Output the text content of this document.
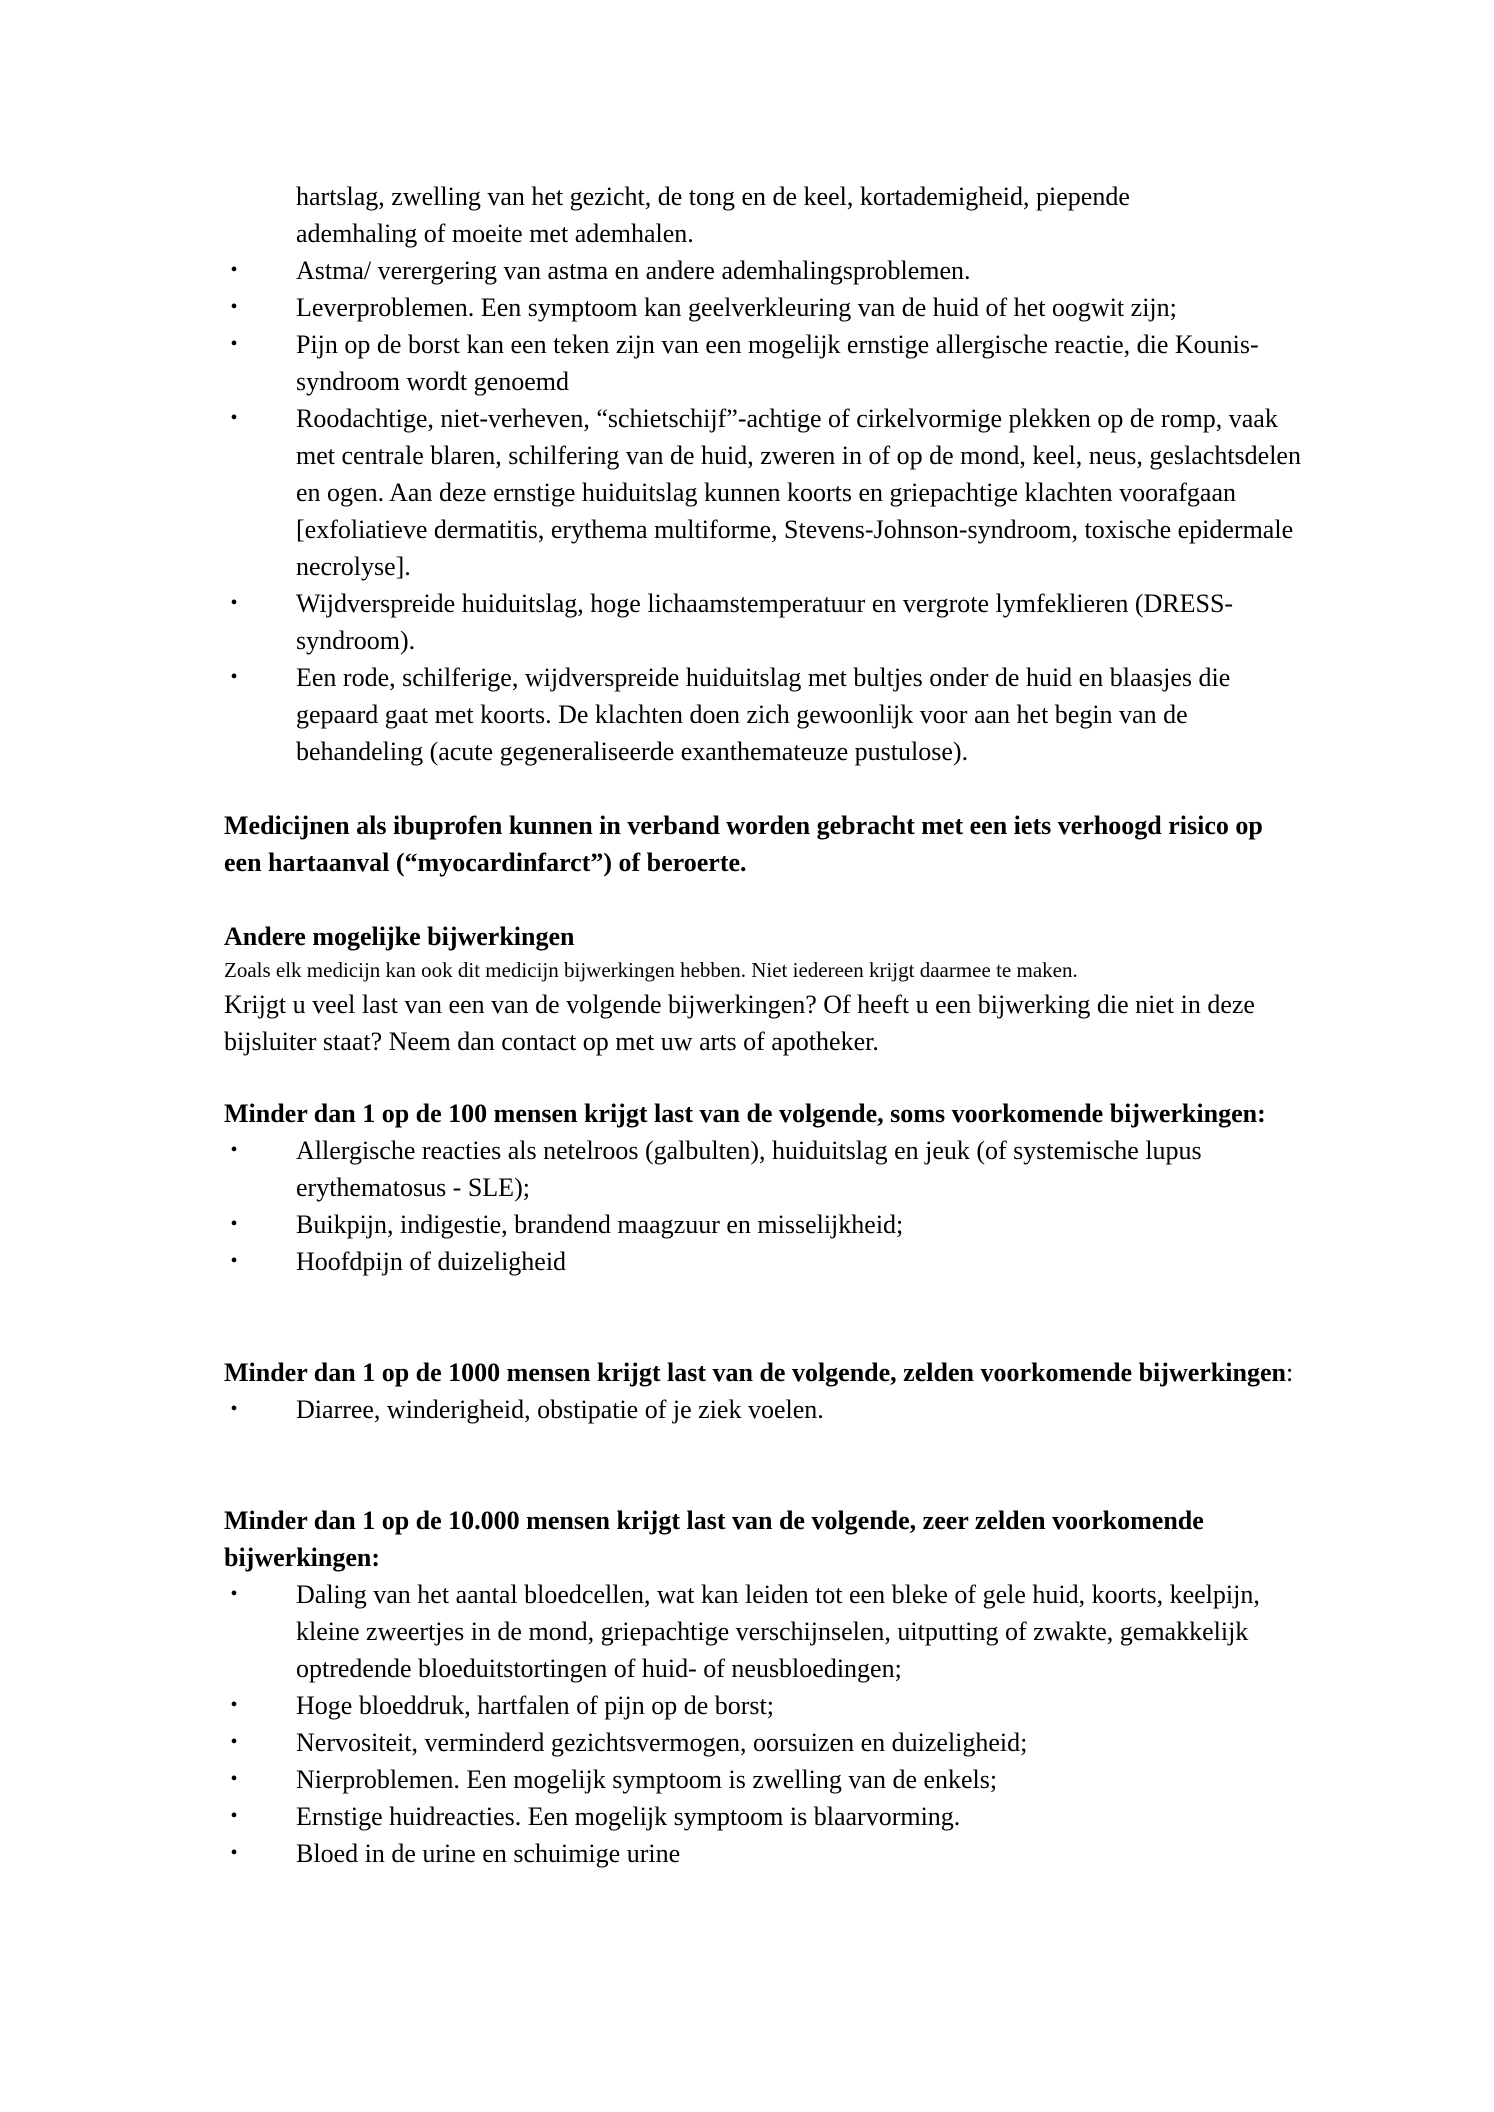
hartslag, zwelling van het gezicht, de tong en de keel, kortademigheid, piepende
ademhaling of moeite met ademhalen.
• Astma/ verergering van astma en andere ademhalingsproblemen.
• Leverproblemen. Een symptoom kan geelverkleuring van de huid of het oogwit zijn;
• Pijn op de borst kan een teken zijn van een mogelijk ernstige allergische reactie, die Kounis-syndroom wordt genoemd
• Roodachtige, niet-verheven, “schietschijf”-achtige of cirkelvormige plekken op de romp, vaak met centrale blaren, schilfering van de huid, zweren in of op de mond, keel, neus, geslachtsdelen en ogen. Aan deze ernstige huiduitslag kunnen koorts en griepachtige klachten voorafgaan [exfoliatieve dermatitis, erythema multiforme, Stevens-Johnson-syndroom, toxische epidermale necrolyse].
• Wijdverspreide huiduitslag, hoge lichaamstemperatuur en vergrote lymfeklieren (DRESS-syndroom).
• Een rode, schilferige, wijdverspreide huiduitslag met bultjes onder de huid en blaasjes die gepaard gaat met koorts. De klachten doen zich gewoonlijk voor aan het begin van de behandeling (acute gegeneraliseerde exanthemateuze pustulose).
Medicijnen als ibuprofen kunnen in verband worden gebracht met een iets verhoogd risico op een hartaanval (“myocardinfarct”) of beroerte.
Andere mogelijke bijwerkingen
Zoals elk medicijn kan ook dit medicijn bijwerkingen hebben. Niet iedereen krijgt daarmee te maken.
Krijgt u veel last van een van de volgende bijwerkingen? Of heeft u een bijwerking die niet in deze bijsluiter staat? Neem dan contact op met uw arts of apotheker.
Minder dan 1 op de 100 mensen krijgt last van de volgende, soms voorkomende bijwerkingen:
• Allergische reacties als netelroos (galbulten), huiduitslag en jeuk (of systemische lupus erythematosus - SLE);
• Buikpijn, indigestie, brandend maagzuur en misselijkheid;
• Hoofdpijn of duizeligheid
Minder dan 1 op de 1000 mensen krijgt last van de volgende, zelden voorkomende bijwerkingen:
• Diarree, winderigheid, obstipatie of je ziek voelen.
Minder dan 1 op de 10.000 mensen krijgt last van de volgende, zeer zelden voorkomende bijwerkingen:
• Daling van het aantal bloedcellen, wat kan leiden tot een bleke of gele huid, koorts, keelpijn, kleine zweertjes in de mond, griepachtige verschijnselen, uitputting of zwakte, gemakkelijk optredende bloeduitstortingen of huid- of neusbloedingen;
• Hoge bloeddruk, hartfalen of pijn op de borst;
• Nervositeit, verminderd gezichtsvermogen, oorsuizen en duizeligheid;
• Nierproblemen. Een mogelijk symptoom is zwelling van de enkels;
• Ernstige huidreacties. Een mogelijk symptoom is blaarvorming.
• Bloed in de urine en schuimige urine
